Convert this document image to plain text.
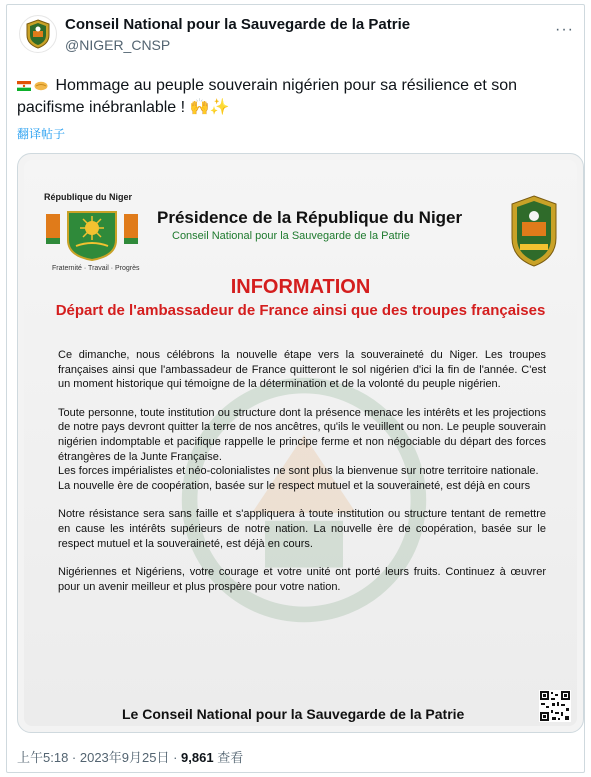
Conseil National pour la Sauvegarde de la Patrie
@NIGER_CNSP
···
Hommage au peuple souverain nigérien pour sa résilience et son pacifisme inébranlable ! 🙌✨
翻译帖子
République du Niger
Fraternité · Travail · Progrès
Présidence de la République du Niger
Conseil National pour la Sauvegarde de la Patrie
INFORMATION
Départ de l'ambassadeur de France ainsi que des troupes françaises

Ce dimanche, nous célébrons la nouvelle étape vers la souveraineté du Niger. Les troupes françaises ainsi que l'ambassadeur de France quitteront le sol nigérien d'ici la fin de l'année. C'est un moment historique qui témoigne de la détermination et de la volonté du peuple nigérien.

Toute personne, toute institution ou structure dont la présence menace les intérêts et les projections de notre pays devront quitter la terre de nos ancêtres, qu'ils le veuillent ou non. Le peuple souverain nigérien indomptable et pacifique rappelle le principe ferme et non négociable du départ des forces étrangères de la Junte Française.

Les forces impérialistes et néo-colonialistes ne sont plus la bienvenue sur notre territoire nationale.

La nouvelle ère de coopération, basée sur le respect mutuel et la souveraineté, est déjà en cours

Notre résistance sera sans faille et s'appliquera à toute institution ou structure tentant de remettre en cause les intérêts supérieurs de notre nation. La nouvelle ère de coopération, basée sur le respect mutuel et la souveraineté, est déjà en cours.

Nigériennes et Nigériens, votre courage et votre unité ont porté leurs fruits. Continuez à œuvrer pour un avenir meilleur et plus prospère pour votre nation.

Le Conseil National pour la Sauvegarde de la Patrie
上午5:18 · 2023年9月25日 · 9,861 查看
